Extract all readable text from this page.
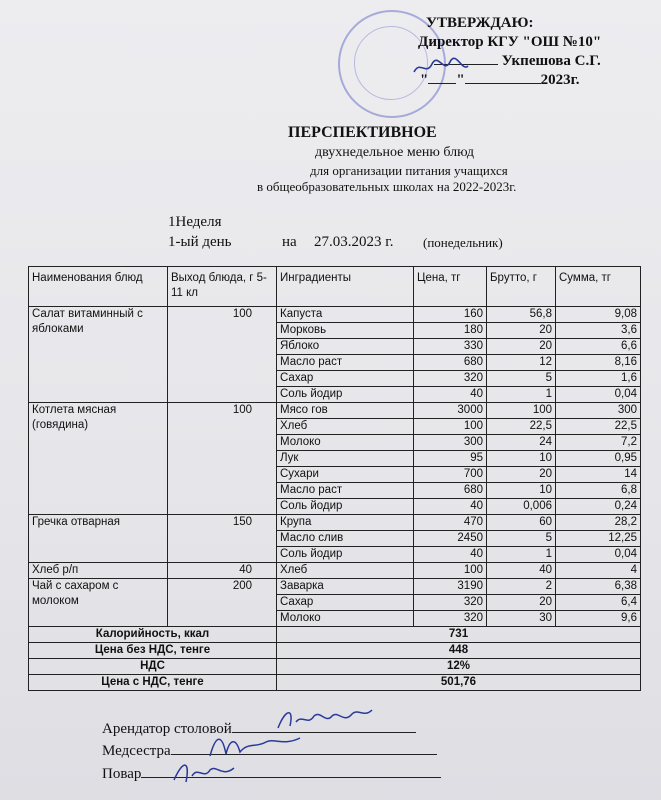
УТВЕРЖДАЮ:
Директор КГУ "ОШ №10"
Укпешова С.Г.
" "	2023г.
ПЕРСПЕКТИВНОЕ
двухнедельное меню блюд
для организации питания учащихся
в общеобразовательных школах на 2022-2023г.
1Неделя
1-ый день	на 27.03.2023 г. (понедельник)
Наименования блюд	Выход блюда, г 5-11 кл	Инградиенты	Цена, тг	Брутто, г	Сумма, тг
Салат витаминный с яблоками	100	Капуста	160	56,8	9,08
		Морковь	180	20	3,6
		Яблоко	330	20	6,6
		Масло раст	680	12	8,16
		Сахар	320	5	1,6
		Соль йодир	40	1	0,04
Котлета мясная (говядина)	100	Мясо гов	3000	100	300
		Хлеб	100	22,5	22,5
		Молоко	300	24	7,2
		Лук	95	10	0,95
		Сухари	700	20	14
		Масло раст	680	10	6,8
		Соль йодир	40	0,006	0,24
Гречка отварная	150	Крупа	470	60	28,2
		Масло слив	2450	5	12,25
		Соль йодир	40	1	0,04
Хлеб р/п	40	Хлеб	100	40	4
Чай с сахаром с молоком	200	Заварка	3190	2	6,38
		Сахар	320	20	6,4
		Молоко	320	30	9,6
Калорийность, ккал		731			
Цена без НДС, тенге		448			
НДС		12%			
Цена с НДС, тенге		501,76			
Арендатор столовой
Медсестра
Повар
